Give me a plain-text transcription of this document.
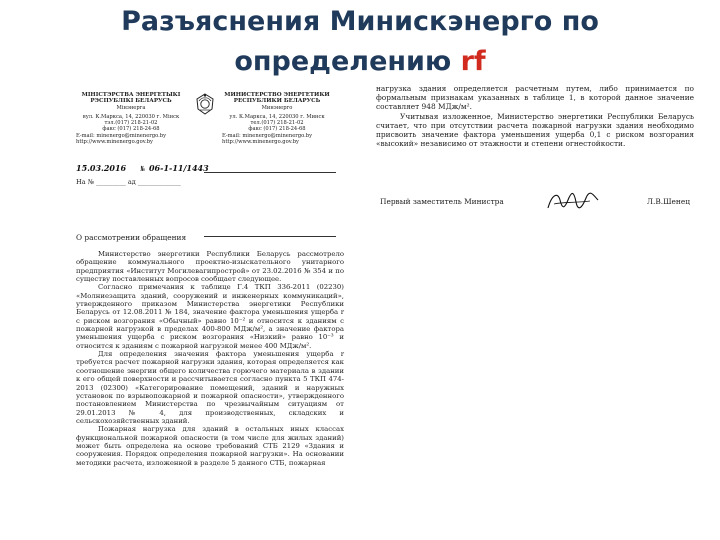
Разъяснения Минискэнерго по
определению rf
МІНІСТЭРСТВА ЭНЕРГЕТЫКІ РЭСПУБЛІКІ БЕЛАРУСЬ
Мінэнерга
вул. К.Маркса, 14, 220030 г. Мінск
тэл.(017) 218-21-02
факс (017) 218-24-68
E-mail: minenergo@minenergo.by
http://www.minenergo.gov.by
МИНИСТЕРСТВО ЭНЕРГЕТИКИ РЕСПУБЛИКИ БЕЛАРУСЬ
Минэнерго
ул. К.Маркса, 14, 220030 г. Минск
тел.(017) 218-21-02
факс (017) 218-24-68
E-mail: minenergo@minenergo.by
http://www.minenergo.gov.by
15.03.2016 № 06-1-11/1443
На № _________ ад _____________
О рассмотрении обращения

Министерство энергетики Республики Беларусь рассмотрело обращение коммунального проектно-изыскательного унитарного предприятия «Институт Могилевагипрострой» от 23.02.2016 № 354 и по существу поставленных вопросов сообщает следующее.

Согласно примечания к таблице Г.4 ТКП 336-2011 (02230) «Молниезащита зданий, сооружений и инженерных коммуникаций», утвержденного приказом Министерства энергетики Республики Беларусь от 12.08.2011 № 184, значение фактора уменьшения ущерба r с риском возгорания «Обычный» равно 10⁻² и относится к зданиям с пожарной нагрузкой в пределах 400-800 МДж/м², а значение фактора уменьшения ущерба с риском возгорания «Низкий» равно 10⁻³ и относится к зданиям с пожарной нагрузкой менее 400 МДж/м².

Для определения значения фактора уменьшения ущерба r требуется расчет пожарной нагрузки здания, которая определяется как соотношение энергии общего количества горючего материала в здании к его общей поверхности и рассчитывается согласно пункта 5 ТКП 474-2013 (02300) «Категорирование помещений, зданий и наружных установок по взрывопожарной и пожарной опасности», утвержденного постановлением Министерства по чрезвычайным ситуациям от 29.01.2013 № 4, для производственных, складских и сельскохозяйственных зданий.

Пожарная нагрузка для зданий в остальных иных классах функциональной пожарной опасности (в том числе для жилых зданий) может быть определена на основе требований СТБ 2129 «Здания и сооружения. Порядок определения пожарной нагрузки». На основании методики расчета, изложенной в разделе 5 данного СТБ, пожарная

нагрузка здания определяется расчетным путем, либо принимается по формальным признакам указанных в таблице 1, в которой данное значение составляет 948 МДж/м².

Учитывая изложенное, Министерство энергетики Республики Беларусь считает, что при отсутствии расчета пожарной нагрузки здания необходимо присвоить значение фактора уменьшения ущерба 0,1 с риском возгорания «высокий» независимо от этажности и степени огнестойкости.

Первый заместитель Министра	Л.В.Шенец
